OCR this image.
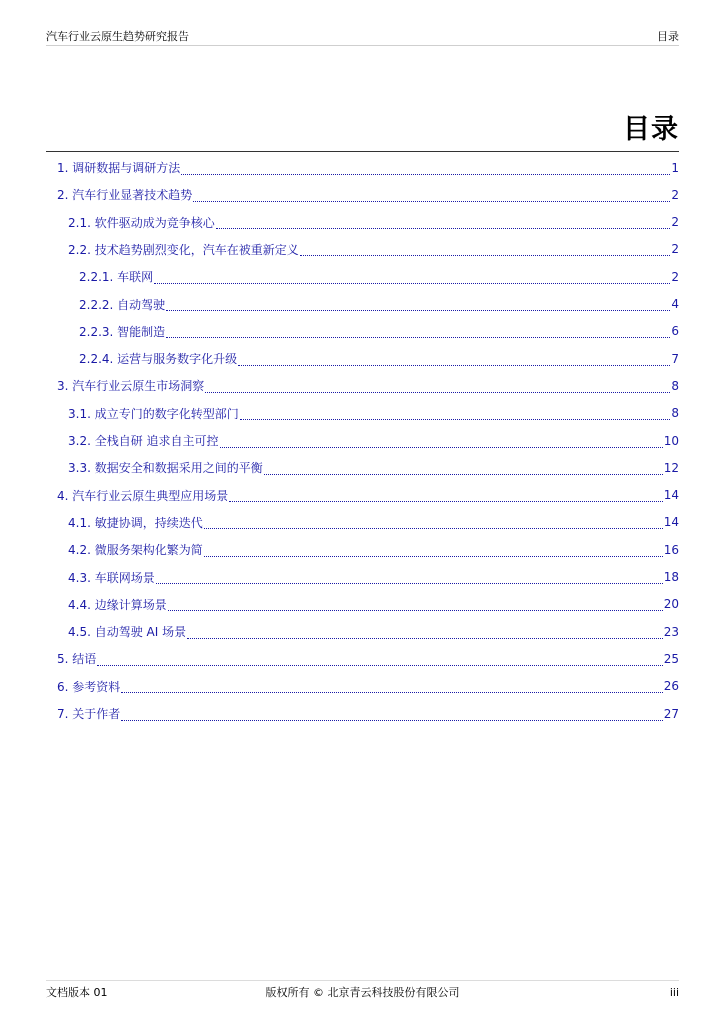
汽车行业云原生趋势研究报告	目录
目录
1. 调研数据与调研方法	1
2. 汽车行业显著技术趋势	2
2.1. 软件驱动成为竞争核心	2
2.2. 技术趋势剧烈变化，汽车在被重新定义	2
2.2.1. 车联网	2
2.2.2. 自动驾驶	4
2.2.3. 智能制造	6
2.2.4. 运营与服务数字化升级	7
3. 汽车行业云原生市场洞察	8
3.1. 成立专门的数字化转型部门	8
3.2. 全栈自研 追求自主可控	10
3.3. 数据安全和数据采用之间的平衡	12
4. 汽车行业云原生典型应用场景	14
4.1. 敏捷协调，持续迭代	14
4.2. 微服务架构化繁为简	16
4.3. 车联网场景	18
4.4. 边缘计算场景	20
4.5. 自动驾驶 AI 场景	23
5. 结语	25
6. 参考资料	26
7. 关于作者	27
文档版本 01	版权所有 © 北京青云科技股份有限公司	iii
